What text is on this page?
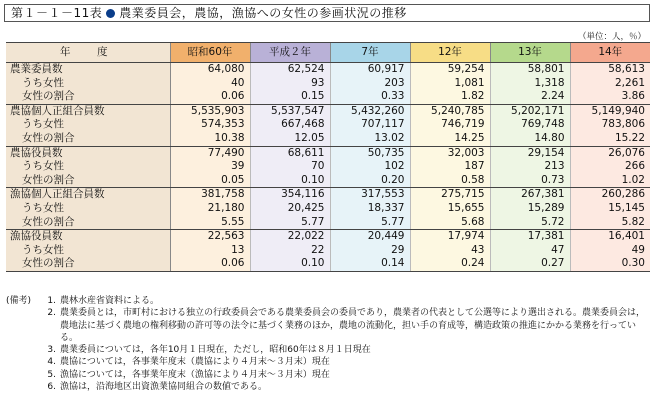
第１－１－11表 農業委員会，農協，漁協への女性の参画状況の推移
（単位：人，％）
年　度	昭和60年	平成２年	7年	12年	13年	14年
農業委員数	64,080	62,524	60,917	59,254	58,801	58,613
うち女性	40	93	203	1,081	1,318	2,261
女性の割合	0.06	0.15	0.33	1.82	2.24	3.86
農協個人正組合員数	5,535,903	5,537,547	5,432,260	5,240,785	5,202,171	5,149,940
うち女性	574,353	667,468	707,117	746,719	769,748	783,806
女性の割合	10.38	12.05	13.02	14.25	14.80	15.22
農協役員数	77,490	68,611	50,735	32,003	29,154	26,076
うち女性	39	70	102	187	213	266
女性の割合	0.05	0.10	0.20	0.58	0.73	1.02
漁協個人正組合員数	381,758	354,116	317,553	275,715	267,381	260,286
うち女性	21,180	20,425	18,337	15,655	15,289	15,145
女性の割合	5.55	5.77	5.77	5.68	5.72	5.82
漁協役員数	22,563	22,022	20,449	17,974	17,381	16,401
うち女性	13	22	29	43	47	49
女性の割合	0.06	0.10	0.14	0.24	0.27	0.30
(備考)	1. 農林水産省資料による。
2. 農業委員とは，市町村における独立の行政委員会である農業委員会の委員であり，農業者の代表として公選等により選出される。農業委員会は，農地法に基づく農地の権利移動の許可等の法令に基づく業務のほか，農地の流動化，担い手の育成等，構造政策の推進にかかる業務を行っている。
3. 農業委員については，各年10月１日現在，ただし，昭和60年は８月１日現在
4. 農協については，各事業年度末（農協により４月末～３月末）現在
5. 漁協については，各事業年度末（漁協により４月末～３月末）現在
6. 漁協は，沿海地区出資漁業協同組合の数値である。
